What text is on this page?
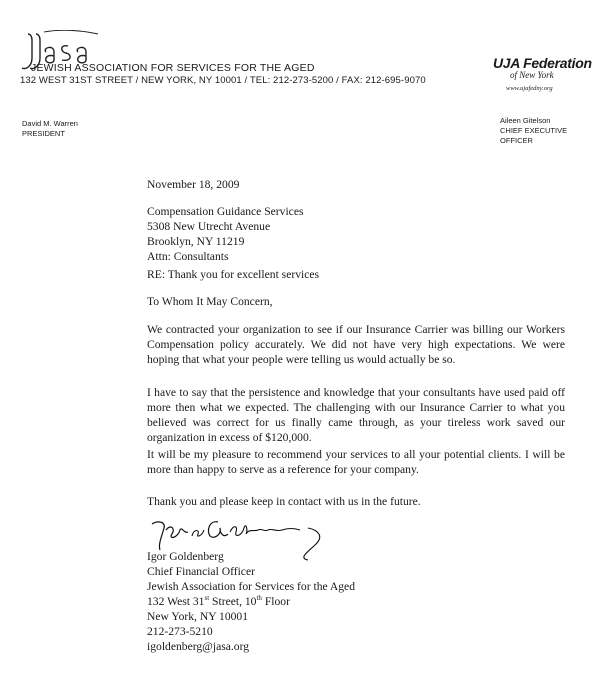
JEWISH ASSOCIATION FOR SERVICES FOR THE AGED
132 WEST 31ST STREET / NEW YORK, NY 10001 / TEL: 212-273-5200 / FAX: 212-695-9070
UJA Federation
of New York
www.ujafedny.org
David M. Warren
PRESIDENT
Aileen Gitelson
CHIEF EXECUTIVE
OFFICER
November 18, 2009
Compensation Guidance Services
5308 New Utrecht Avenue
Brooklyn, NY 11219
Attn: Consultants
RE: Thank you for excellent services
To Whom It May Concern,
We contracted your organization to see if our Insurance Carrier was billing our Workers Compensation policy accurately. We did not have very high expectations. We were hoping that what your people were telling us would actually be so.
I have to say that the persistence and knowledge that your consultants have used paid off more then what we expected. The challenging with our Insurance Carrier to what you believed was correct for us finally came through, as your tireless work saved our organization in excess of $120,000.
It will be my pleasure to recommend your services to all your potential clients. I will be more than happy to serve as a reference for your company.
Thank you and please keep in contact with us in the future.
Igor Goldenberg
Chief Financial Officer
Jewish Association for Services for the Aged
132 West 31st Street, 10th Floor
New York, NY 10001
212-273-5210
igoldenberg@jasa.org
